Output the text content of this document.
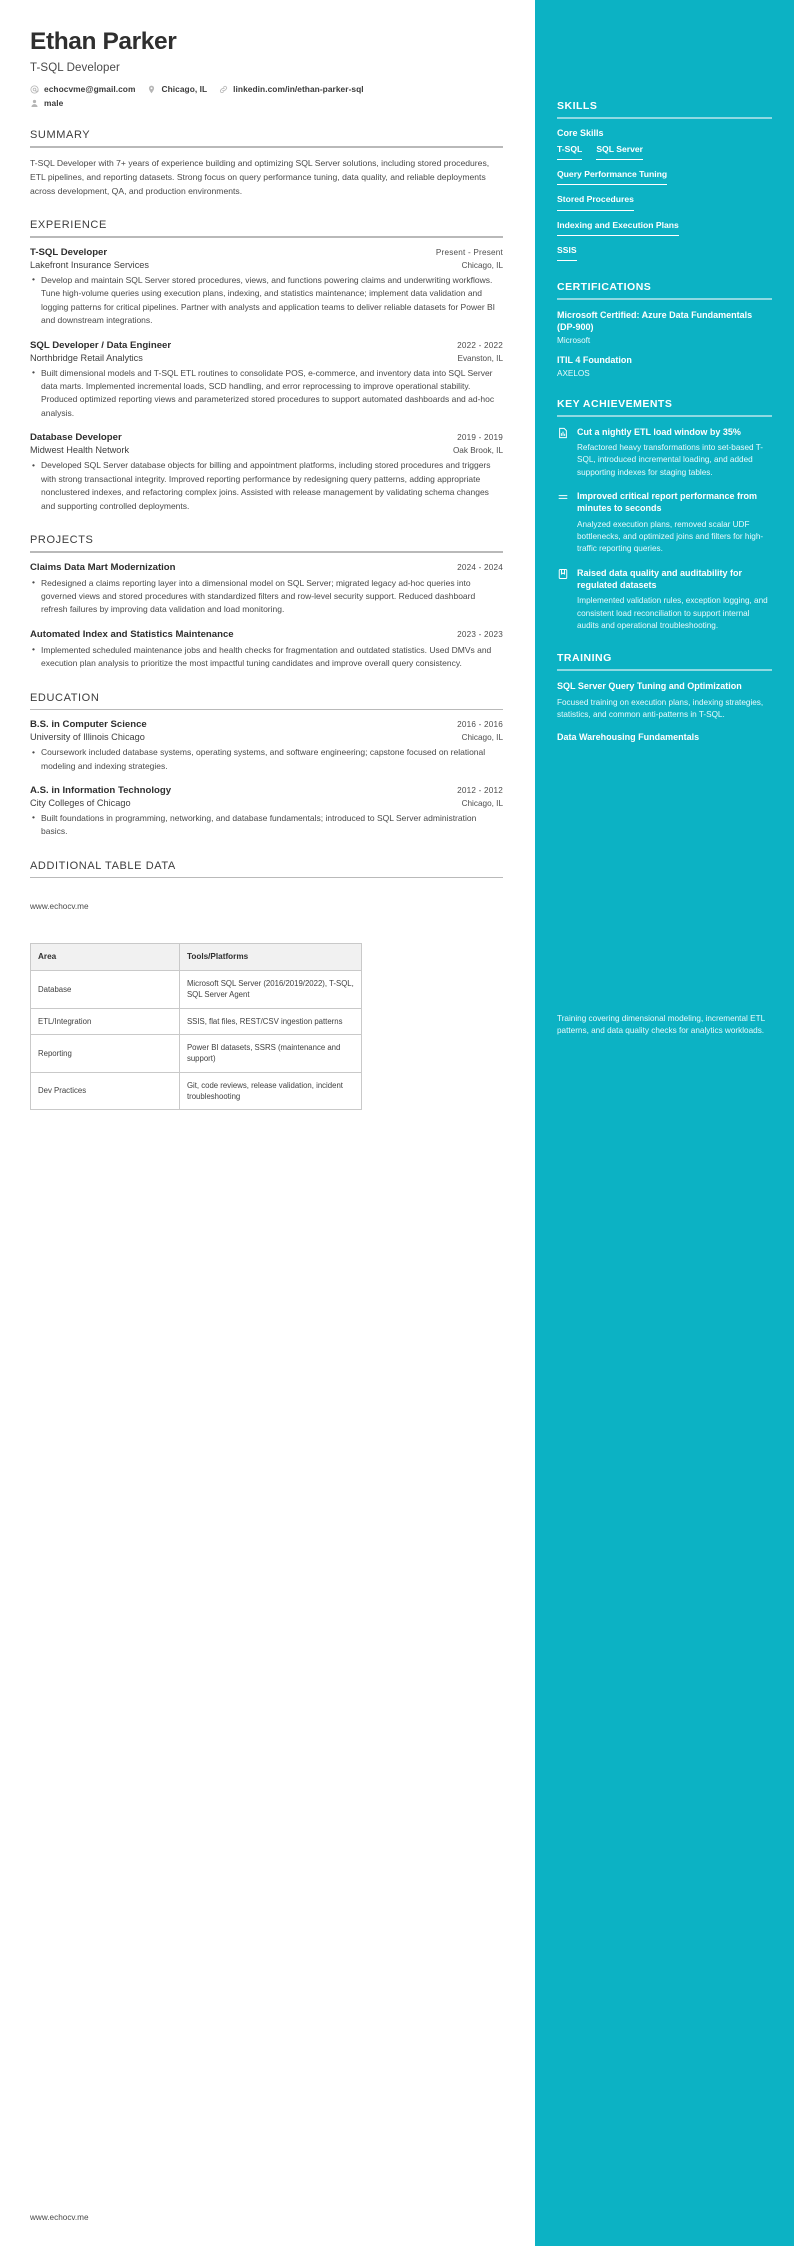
Ethan Parker
T-SQL Developer
echocvme@gmail.com	Chicago, IL	linkedin.com/in/ethan-parker-sql
male
SUMMARY
T-SQL Developer with 7+ years of experience building and optimizing SQL Server solutions, including stored procedures, ETL pipelines, and reporting datasets. Strong focus on query performance tuning, data quality, and reliable deployments across development, QA, and production environments.
EXPERIENCE
T-SQL Developer	Present - Present
Lakefront Insurance Services	Chicago, IL
• Develop and maintain SQL Server stored procedures, views, and functions powering claims and underwriting workflows. Tune high-volume queries using execution plans, indexing, and statistics maintenance; implement data validation and logging patterns for critical pipelines. Partner with analysts and application teams to deliver reliable datasets for Power BI and downstream integrations.
SQL Developer / Data Engineer	2022 - 2022
Northbridge Retail Analytics	Evanston, IL
• Built dimensional models and T-SQL ETL routines to consolidate POS, e-commerce, and inventory data into SQL Server data marts. Implemented incremental loads, SCD handling, and error reprocessing to improve operational stability. Produced optimized reporting views and parameterized stored procedures to support automated dashboards and ad-hoc analysis.
Database Developer	2019 - 2019
Midwest Health Network	Oak Brook, IL
• Developed SQL Server database objects for billing and appointment platforms, including stored procedures and triggers with strong transactional integrity. Improved reporting performance by redesigning query patterns, adding appropriate nonclustered indexes, and refactoring complex joins. Assisted with release management by validating schema changes and supporting controlled deployments.
PROJECTS
Claims Data Mart Modernization	2024 - 2024
• Redesigned a claims reporting layer into a dimensional model on SQL Server; migrated legacy ad-hoc queries into governed views and stored procedures with standardized filters and row-level security support. Reduced dashboard refresh failures by improving data validation and load monitoring.
Automated Index and Statistics Maintenance	2023 - 2023
• Implemented scheduled maintenance jobs and health checks for fragmentation and outdated statistics. Used DMVs and execution plan analysis to prioritize the most impactful tuning candidates and improve overall query consistency.
EDUCATION
B.S. in Computer Science	2016 - 2016
University of Illinois Chicago	Chicago, IL
• Coursework included database systems, operating systems, and software engineering; capstone focused on relational modeling and indexing strategies.
A.S. in Information Technology	2012 - 2012
City Colleges of Chicago	Chicago, IL
• Built foundations in programming, networking, and database fundamentals; introduced to SQL Server administration basics.
ADDITIONAL TABLE DATA
www.echocv.me
Area	Tools/Platforms
Database	Microsoft SQL Server (2016/2019/2022), T-SQL, SQL Server Agent
ETL/Integration	SSIS, flat files, REST/CSV ingestion patterns
Reporting	Power BI datasets, SSRS (maintenance and support)
Dev Practices	Git, code reviews, release validation, incident troubleshooting
www.echocv.me
SKILLS
Core Skills
T-SQL SQL Server
Query Performance Tuning
Stored Procedures
Indexing and Execution Plans
SSIS
CERTIFICATIONS
Microsoft Certified: Azure Data Fundamentals (DP-900)
Microsoft
ITIL 4 Foundation
AXELOS
KEY ACHIEVEMENTS
Cut a nightly ETL load window by 35%
Refactored heavy transformations into set-based T-SQL, introduced incremental loading, and added supporting indexes for staging tables.
Improved critical report performance from minutes to seconds
Analyzed execution plans, removed scalar UDF bottlenecks, and optimized joins and filters for high-traffic reporting queries.
Raised data quality and auditability for regulated datasets
Implemented validation rules, exception logging, and consistent load reconciliation to support internal audits and operational troubleshooting.
TRAINING
SQL Server Query Tuning and Optimization
Focused training on execution plans, indexing strategies, statistics, and common anti-patterns in T-SQL.
Data Warehousing Fundamentals
Training covering dimensional modeling, incremental ETL patterns, and data quality checks for analytics workloads.
